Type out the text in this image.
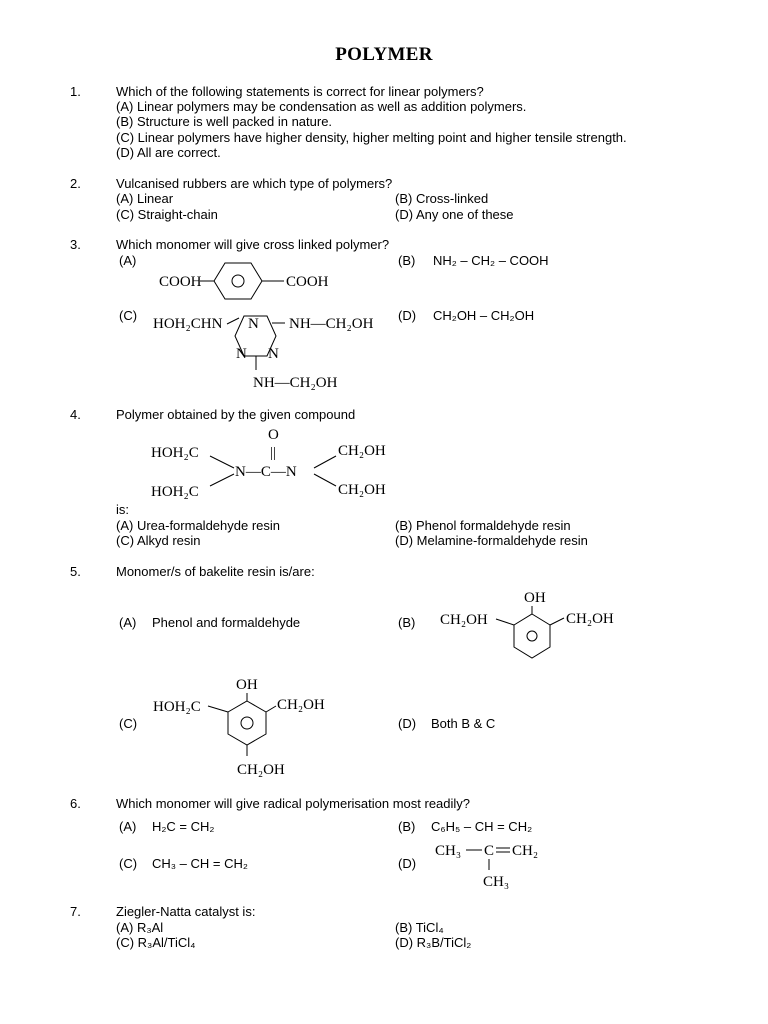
POLYMER
1.	Which of the following statements is correct for linear polymers?
(A) Linear polymers may be condensation as well as addition polymers.
(B) Structure is well packed in nature.
(C) Linear polymers have higher density, higher melting point and higher tensile strength.
(D) All are correct.
2.	Vulcanised rubbers are which type of polymers?
(A) Linear	(B) Cross-linked
(C) Straight-chain	(D) Any one of these
3.	Which monomer will give cross linked polymer?
(A)	(B) NH₂ – CH₂ – COOH
COOH	COOH
(C)	(D) CH₂OH – CH₂OH
HOH₂CHN N
N N
NH—CH₂OH
NH—CH₂OH
4.	Polymer obtained by the given compound
O
||
HOH₂C
HOH₂C
N—C—N
CH₂OH
CH₂OH
is:
(A) Urea-formaldehyde resin	(B) Phenol formaldehyde resin
(C) Alkyd resin	(D) Melamine-formaldehyde resin
5.	Monomer/s of bakelite resin is/are:
(A) Phenol and formaldehyde	(B)
OH
CH₂OH	CH₂OH
(C)	(D) Both B & C
OH
HOH₂C	CH₂OH
CH₂OH
6.	Which monomer will give radical polymerisation most readily?
(A) H₂C = CH₂	(B) C₆H₅ – CH = CH₂
(C) CH₃ – CH = CH₂	(D)
CH₃ C CH₂
CH₃
7.	Ziegler-Natta catalyst is:
(A) R₃Al	(B) TiCl₄
(C) R₃Al/TiCl₄	(D) R₃B/TiCl₂
